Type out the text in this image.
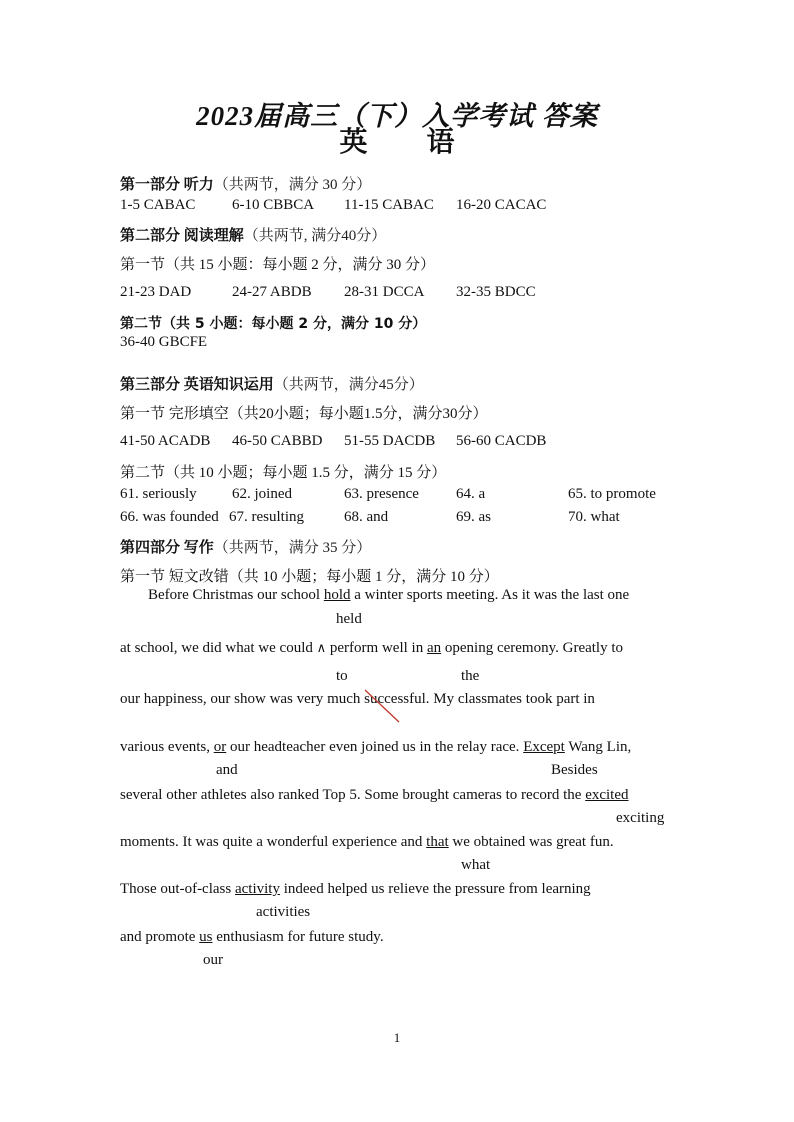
2023届高三（下）入学考试 答案
英 语
第一部分 听力（共两节，满分 30 分）
1-5 CABAC 6-10 CBBCA 11-15 CABAC 16-20 CACAC
第二部分 阅读理解（共两节, 满分40分）
第一节（共 15 小题：每小题 2 分，满分 30 分）
21-23 DAD	24-27 ABDB 28-31 DCCA 32-35 BDCC
第二节（共 5 小题：每小题 2 分，满分 10 分）
36-40 GBCFE
第三部分 英语知识运用（共两节，满分45分）
第一节 完形填空（共20小题；每小题1.5分，满分30分）
41-50 ACADB 46-50 CABBD 51-55 DACDB 56-60 CACDB
第二节（共 10 小题；每小题 1.5 分，满分 15 分）
61. seriously 62. joined	63. presence 64. a	65. to promote
66. was founded 67. resulting	68. and	69. as	70. what
第四部分 写作（共两节，满分 35 分）
第一节 短文改错（共 10 小题；每小题 1 分，满分 10 分）
Before Christmas our school hold a winter sports meeting. As it was the last one
held
at school, we did what we could ∧ perform well in an opening ceremony. Greatly to
to	the
our happiness, our show was very much successful. My classmates took part in
various events, or our headteacher even joined us in the relay race. Except Wang Lin,
and	Besides
several other athletes also ranked Top 5. Some brought cameras to record the excited
exciting
moments. It was quite a wonderful experience and that we obtained was great fun.
what
Those out-of-class activity indeed helped us relieve the pressure from learning
activities
and promote us enthusiasm for future study.
our
1
